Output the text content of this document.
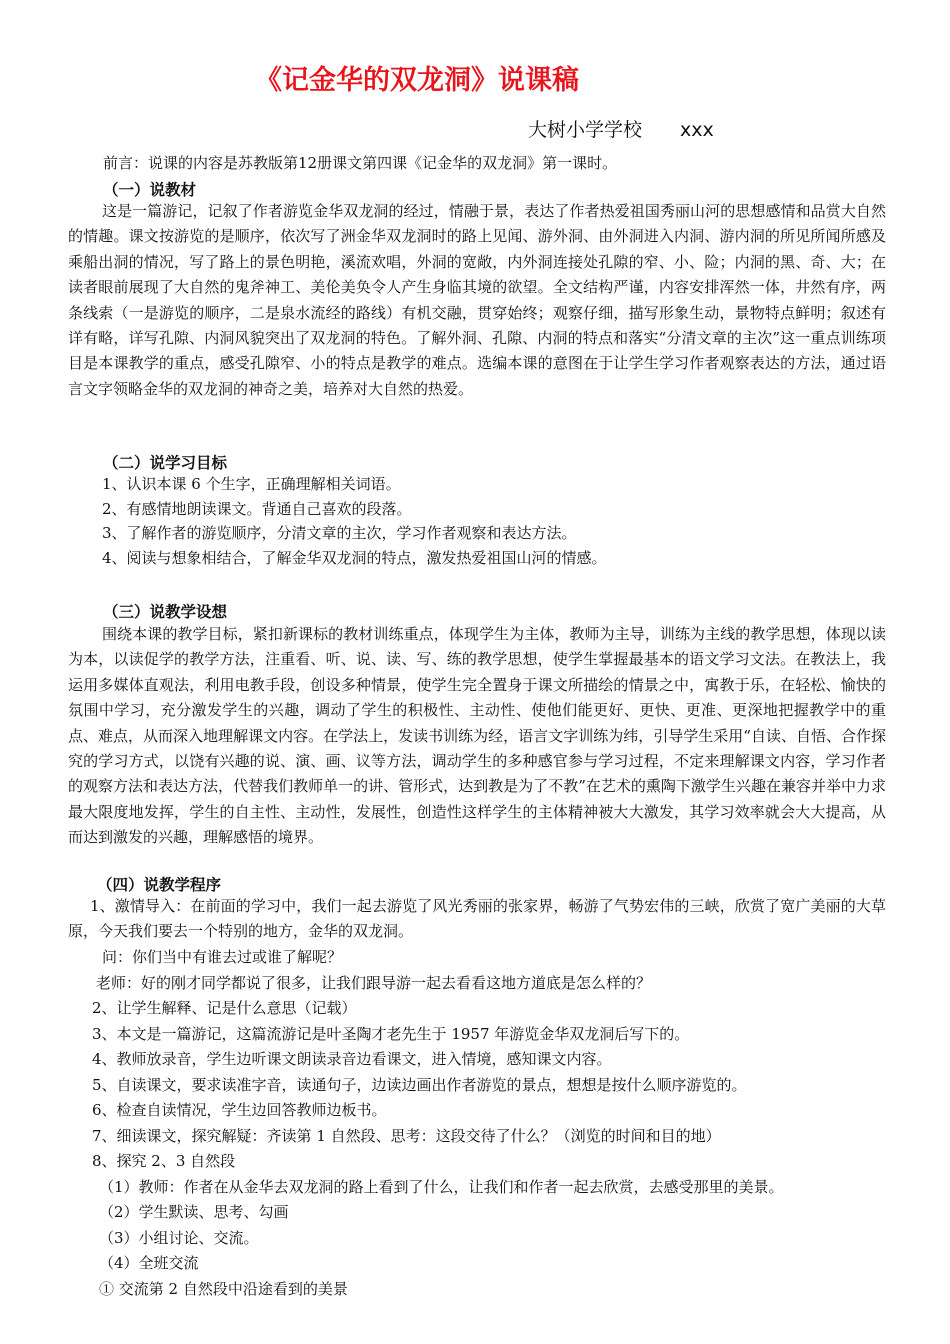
《记金华的双龙洞》说课稿
大树小学学校 xxx
前言：说课的内容是苏教版第12册课文第四课《记金华的双龙洞》第一课时。
（一）说教材

这是一篇游记，记叙了作者游览金华双龙洞的经过，情融于景，表达了作者热爱祖国秀丽山河的思想感情和品赏大自然的情趣。课文按游览的是顺序，依次写了洲金华双龙洞时的路上见闻、游外洞、由外洞进入内洞、游内洞的所见所闻所感及乘船出洞的情况，写了路上的景色明艳，溪流欢唱，外洞的宽敞，内外洞连接处孔隙的窄、小、险；内洞的黑、奇、大；在读者眼前展现了大自然的鬼斧神工、美伦美奂令人产生身临其境的欲望。全文结构严谨，内容安排浑然一体，井然有序，两条线索（一是游览的顺序，二是泉水流经的路线）有机交融，贯穿始终；观察仔细，描写形象生动，景物特点鲜明；叙述有详有略，详写孔隙、内洞风貌突出了双龙洞的特色。了解外洞、孔隙、内洞的特点和落实“分清文章的主次”这一重点训练项目是本课教学的重点，感受孔隙窄、小的特点是教学的难点。选编本课的意图在于让学生学习作者观察表达的方法，通过语言文字领略金华的双龙洞的神奇之美，培养对大自然的热爱。

（二）说学习目标
1、认识本课 6 个生字，正确理解相关词语。
2、有感情地朗读课文。背通自己喜欢的段落。
3、了解作者的游览顺序，分清文章的主次，学习作者观察和表达方法。
4、阅读与想象相结合，了解金华双龙洞的特点，激发热爱祖国山河的情感。
（三）说教学设想

围绕本课的教学目标，紧扣新课标的教材训练重点，体现学生为主体，教师为主导，训练为主线的教学思想，体现以读为本，以读促学的教学方法，注重看、听、说、读、写、练的教学思想，使学生掌握最基本的语文学习文法。在教法上，我运用多媒体直观法，利用电教手段，创设多种情景，使学生完全置身于课文所描绘的情景之中，寓教于乐，在轻松、愉快的氛围中学习，充分激发学生的兴趣，调动了学生的积极性、主动性、使他们能更好、更快、更准、更深地把握教学中的重点、难点，从而深入地理解课文内容。在学法上，发读书训练为经，语言文字训练为纬，引导学生采用“自读、自悟、合作探究的学习方式，以饶有兴趣的说、演、画、议等方法，调动学生的多种感官参与学习过程，不定来理解课文内容，学习作者的观察方法和表达方法，代替我们教师单一的讲、管形式，达到教是为了不教”在艺术的熏陶下激学生兴趣在兼容并举中力求最大限度地发挥，学生的自主性、主动性，发展性，创造性这样学生的主体精神被大大激发，其学习效率就会大大提高，从而达到激发的兴趣，理解感悟的境界。

（四）说教学程序

1、激情导入：在前面的学习中，我们一起去游览了风光秀丽的张家界，畅游了气势宏伟的三峡，欣赏了宽广美丽的大草原，今天我们要去一个特别的地方，金华的双龙洞。

问：你们当中有谁去过或谁了解呢？
老师：好的刚才同学都说了很多，让我们跟导游一起去看看这地方道底是怎么样的？
2、让学生解释、记是什么意思（记载）
3、本文是一篇游记，这篇流游记是叶圣陶才老先生于 1957 年游览金华双龙洞后写下的。
4、教师放录音，学生边听课文朗读录音边看课文，进入情境，感知课文内容。
5、自读课文，要求读准字音，读通句子，边读边画出作者游览的景点，想想是按什么顺序游览的。
6、检查自读情况，学生边回答教师边板书。
7、细读课文，探究解疑：齐读第 1 自然段、思考：这段交待了什么？（浏览的时间和目的地）
8、探究 2、3 自然段
（1）教师：作者在从金华去双龙洞的路上看到了什么，让我们和作者一起去欣赏，去感受那里的美景。
（2）学生默读、思考、勾画
（3）小组讨论、交流。
（4）全班交流
① 交流第 2 自然段中沿途看到的美景
